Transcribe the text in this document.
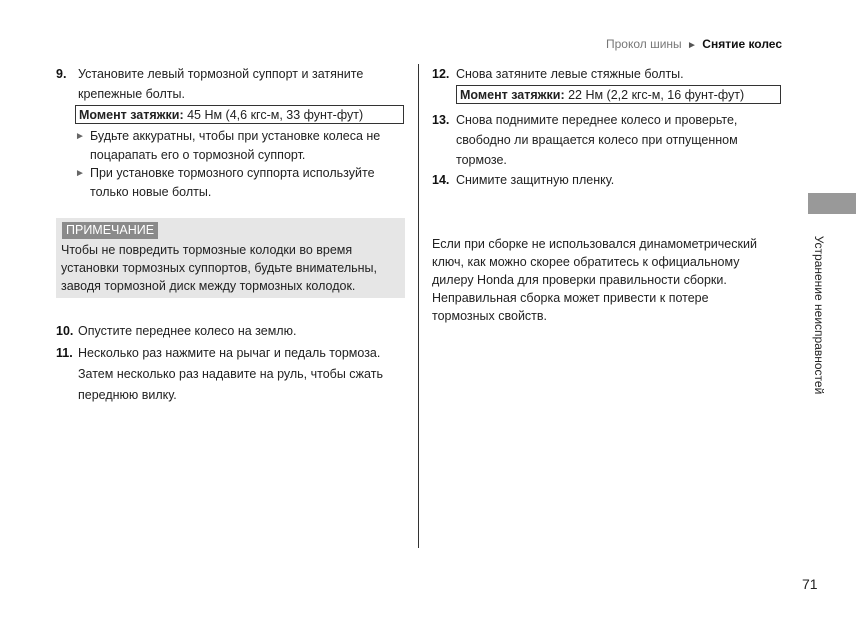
Прокол шины ► Снятие колес
9. Установите левый тормозной суппорт и затяните
крепежные болты.
Момент затяжки: 45 Нм (4,6 кгс-м, 33 фунт-фут)
► Будьте аккуратны, чтобы при установке колеса не
поцарапать его о тормозной суппорт.
► При установке тормозного суппорта используйте
только новые болты.
ПРИМЕЧАНИЕ
Чтобы не повредить тормозные колодки во время
установки тормозных суппортов, будьте внимательны,
заводя тормозной диск между тормозных колодок.
10. Опустите переднее колесо на землю.
11. Несколько раз нажмите на рычаг и педаль тормоза.
Затем несколько раз надавите на руль, чтобы сжать
переднюю вилку.
12. Снова затяните левые стяжные болты.
Момент затяжки: 22 Нм (2,2 кгс-м, 16 фунт-фут)
13. Снова поднимите переднее колесо и проверьте,
свободно ли вращается колесо при отпущенном
тормозе.
14. Снимите защитную пленку.
Если при сборке не использовался динамометрический
ключ, как можно скорее обратитесь к официальному
дилеру Honda для проверки правильности сборки.
Неправильная сборка может привести к потере
тормозных свойств.	Устранение неисправностей
71
